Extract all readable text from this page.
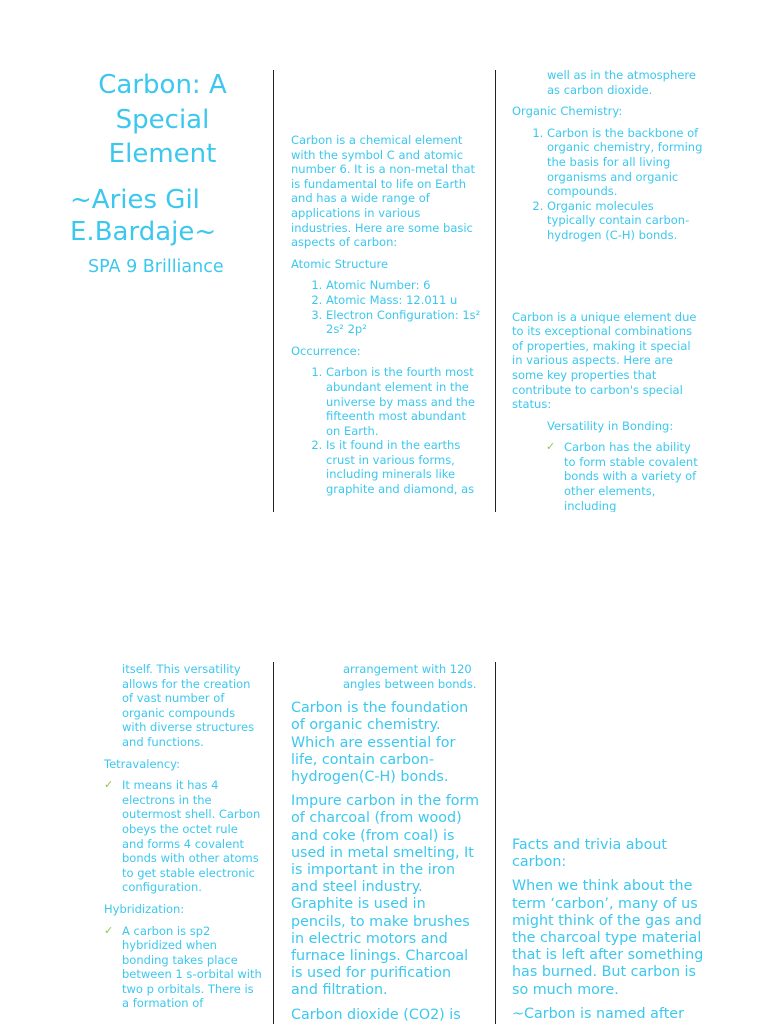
Carbon: A
Special
Element
~Aries Gil
E.Bardaje~
SPA 9 Brilliance

Carbon is a chemical element with the symbol C and atomic number 6. It is a non-metal that is fundamental to life on Earth and has a wide range of applications in various industries. Here are some basic aspects of carbon:

Atomic Structure

1. Atomic Number: 6
2. Atomic Mass: 12.011 u
3. Electron Configuration: 1s² 2s² 2p²

Occurrence:

1. Carbon is the fourth most abundant element in the universe by mass and the fifteenth most abundant on Earth.
2. Is it found in the earths crust in various forms, including minerals like graphite and diamond, as

well as in the atmosphere as carbon dioxide.

Organic Chemistry:

1. Carbon is the backbone of organic chemistry, forming the basis for all living organisms and organic compounds.
2. Organic molecules typically contain carbon-hydrogen (C-H) bonds.

Carbon is a unique element due to its exceptional combinations of properties, making it special in various aspects. Here are some key properties that contribute to carbon's special status:

Versatility in Bonding:

✓ Carbon has the ability to form stable covalent bonds with a variety of other elements, including

itself. This versatility allows for the creation of vast number of organic compounds with diverse structures and functions.

Tetravalency:

✓ It means it has 4 electrons in the outermost shell. Carbon obeys the octet rule and forms 4 covalent bonds with other atoms to get stable electronic configuration.

Hybridization:

✓ A carbon is sp2 hybridized when bonding takes place between 1 s-orbital with two p orbitals. There is a formation of

arrangement with 120 angles between bonds.

Carbon is the foundation of organic chemistry. Which are essential for life, contain carbon-hydrogen(C-H) bonds.

Impure carbon in the form of charcoal (from wood) and coke (from coal) is used in metal smelting, It is important in the iron and steel industry. Graphite is used in pencils, to make brushes in electric motors and furnace linings. Charcoal is used for purification and filtration.

Carbon dioxide (CO2) is

Facts and trivia about carbon:

When we think about the term ‘carbon’, many of us might think of the gas and the charcoal type material that is left after something has burned. But carbon is so much more.

~Carbon is named after
